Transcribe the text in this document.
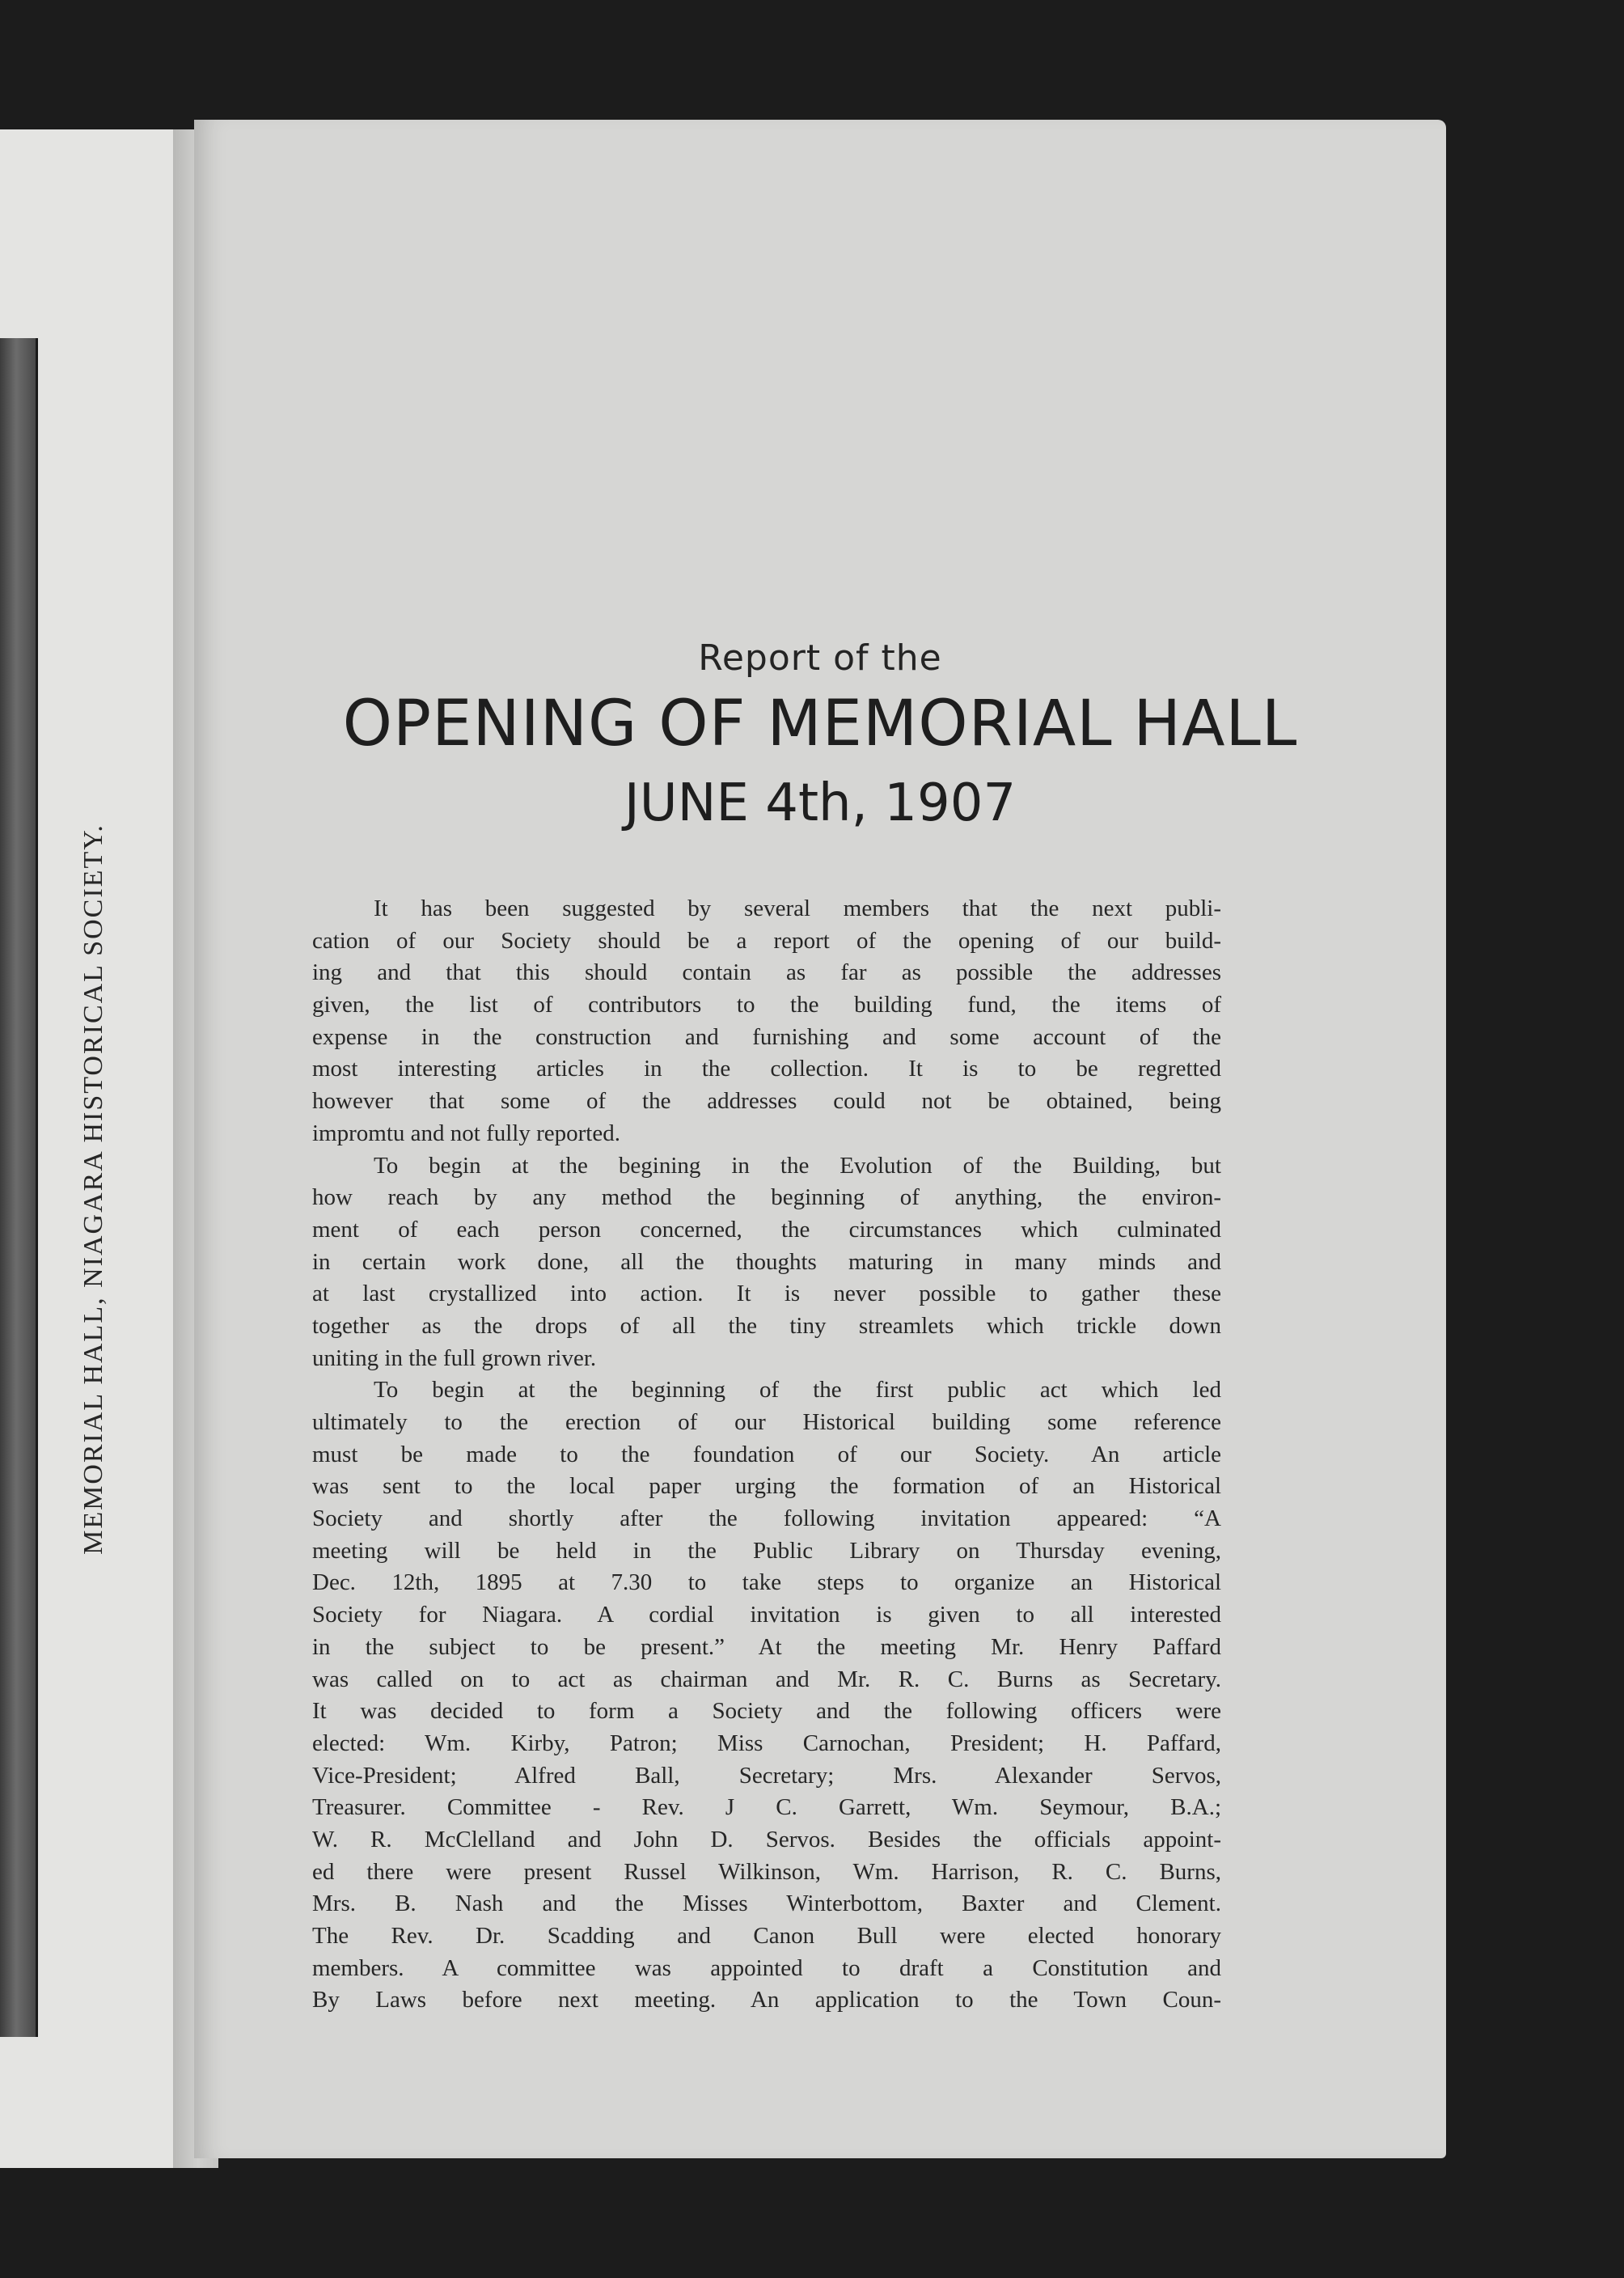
MEMORIAL HALL, NIAGARA HISTORICAL SOCIETY.
Report of the
OPENING OF MEMORIAL HALL
JUNE 4th, 1907
It has been suggested by several members that the next publi-
cation of our Society should be a report of the opening of our build-
ing and that this should contain as far as possible the addresses
given, the list of contributors to the building fund, the items of
expense in the construction and furnishing and some account of the
most interesting articles in the collection. It is to be regretted
however that some of the addresses could not be obtained, being
impromtu and not fully reported.
To begin at the begining in the Evolution of the Building, but
how reach by any method the beginning of anything, the environ-
ment of each person concerned, the circumstances which culminated
in certain work done, all the thoughts maturing in many minds and
at last crystallized into action. It is never possible to gather these
together as the drops of all the tiny streamlets which trickle down
uniting in the full grown river.
To begin at the beginning of the first public act which led
ultimately to the erection of our Historical building some reference
must be made to the foundation of our Society. An article
was sent to the local paper urging the formation of an Historical
Society and shortly after the following invitation appeared: “A
meeting will be held in the Public Library on Thursday evening,
Dec. 12th, 1895 at 7.30 to take steps to organize an Historical
Society for Niagara. A cordial invitation is given to all interested
in the subject to be present.” At the meeting Mr. Henry Paffard
was called on to act as chairman and Mr. R. C. Burns as Secretary.
It was decided to form a Society and the following officers were
elected: Wm. Kirby, Patron; Miss Carnochan, President; H. Paffard,
Vice-President; Alfred Ball, Secretary; Mrs. Alexander Servos,
Treasurer. Committee - Rev. J C. Garrett, Wm. Seymour, B.A.;
W. R. McClelland and John D. Servos. Besides the officials appoint-
ed there were present Russel Wilkinson, Wm. Harrison, R. C. Burns,
Mrs. B. Nash and the Misses Winterbottom, Baxter and Clement.
The Rev. Dr. Scadding and Canon Bull were elected honorary
members. A committee was appointed to draft a Constitution and
By Laws before next meeting. An application to the Town Coun-
